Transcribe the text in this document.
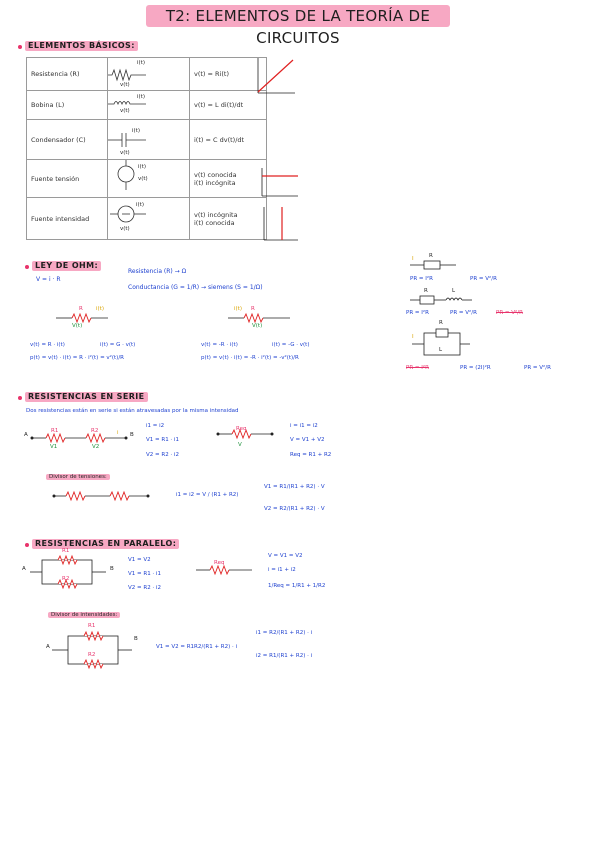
T2: ELEMENTOS DE LA TEORÍA DE CIRCUITOS
ELEMENTOS BÁSICOS:
Resistencia (R)		v(t) = Ri(t)
Bobina (L)		v(t) = L di(t)/dt
Condensador (C)		i(t) = C dv(t)/dt
Fuente tensión		v(t) conocida
i(t) incógnita

Fuente intensidad		v(t) incógnita
i(t) conocida
i(t)
v(t)
i(t)
v(t)
i(t)
v(t)
i(t)
v(t)
i(t)
v(t)
LEY DE OHM:
V = i · R
Resistencia (R) → Ω
Conductancia (G = 1/R) → siemens (S = 1/Ω)
R i(t)
V(t)
v(t) = R · i(t)	i(t) = G · v(t)
p(t) = v(t) · i(t) = R · i²(t) = v²(t)/R
R
i(t)
V(t)
v(t) = -R · i(t)	i(t) = -G · v(t)
p(t) = v(t) · i(t) = -R · i²(t) = -v²(t)/R
I	R
PR = I²R	PR = V²/R
R	L
PR = I²R	PR = V²/R	PR = V²/R
R
L
I
PR = I²R	PR = (2I)²R	PR = V²/R
RESISTENCIAS EN SERIE
Dos resistencias están en serie si están atravesadas por la misma intensidad
A	B
R1	R2	i
V1	V2
i1 = i2
V1 = R1 · i1
V2 = R2 · i2
Req
V
i = i1 = i2
V = V1 + V2
Req = R1 + R2
Divisor de tensiones:
i1 = i2 = V / (R1 + R2)
V1 = R1/(R1 + R2) · V
V2 = R2/(R1 + R2) · V
RESISTENCIAS EN PARALELO:
A	B
R1
R2
V1 = V2
V1 = R1 · i1
V2 = R2 · i2
Req
V = V1 = V2
i = i1 + i2
1/Req = 1/R1 + 1/R2
Divisor de intensidades:
A
B
R1
R2
V1 = V2 = R1R2/(R1 + R2) · i
i1 = R2/(R1 + R2) · i
i2 = R1/(R1 + R2) · i
